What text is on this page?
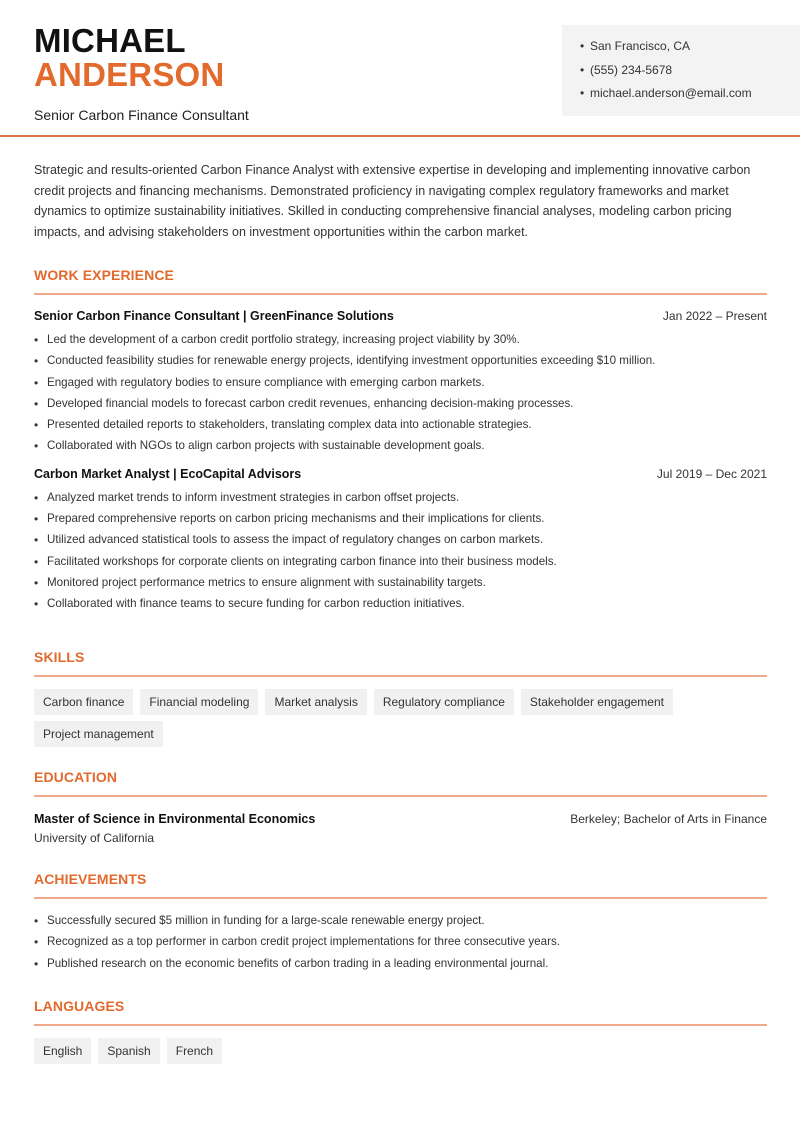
MICHAEL
ANDERSON
Senior Carbon Finance Consultant
• San Francisco, CA
• (555) 234-5678
• michael.anderson@email.com

Strategic and results-oriented Carbon Finance Analyst with extensive expertise in developing and implementing innovative carbon credit projects and financing mechanisms. Demonstrated proficiency in navigating complex regulatory frameworks and market dynamics to optimize sustainability initiatives. Skilled in conducting comprehensive financial analyses, modeling carbon pricing impacts, and advising stakeholders on investment opportunities within the carbon market.

WORK EXPERIENCE
Senior Carbon Finance Consultant | GreenFinance Solutions	Jan 2022 – Present
• Led the development of a carbon credit portfolio strategy, increasing project viability by 30%.
• Conducted feasibility studies for renewable energy projects, identifying investment opportunities exceeding $10 million.
• Engaged with regulatory bodies to ensure compliance with emerging carbon markets.
• Developed financial models to forecast carbon credit revenues, enhancing decision-making processes.
• Presented detailed reports to stakeholders, translating complex data into actionable strategies.
• Collaborated with NGOs to align carbon projects with sustainable development goals.
Carbon Market Analyst | EcoCapital Advisors	Jul 2019 – Dec 2021
• Analyzed market trends to inform investment strategies in carbon offset projects.
• Prepared comprehensive reports on carbon pricing mechanisms and their implications for clients.
• Utilized advanced statistical tools to assess the impact of regulatory changes on carbon markets.
• Facilitated workshops for corporate clients on integrating carbon finance into their business models.
• Monitored project performance metrics to ensure alignment with sustainability targets.
• Collaborated with finance teams to secure funding for carbon reduction initiatives.
SKILLS
Carbon finance	Financial modeling	Market analysis	Regulatory compliance	Stakeholder engagement
Project management
EDUCATION
Master of Science in Environmental Economics	Berkeley; Bachelor of Arts in Finance
University of California
ACHIEVEMENTS
• Successfully secured $5 million in funding for a large-scale renewable energy project.
• Recognized as a top performer in carbon credit project implementations for three consecutive years.
• Published research on the economic benefits of carbon trading in a leading environmental journal.
LANGUAGES
English	Spanish	French
